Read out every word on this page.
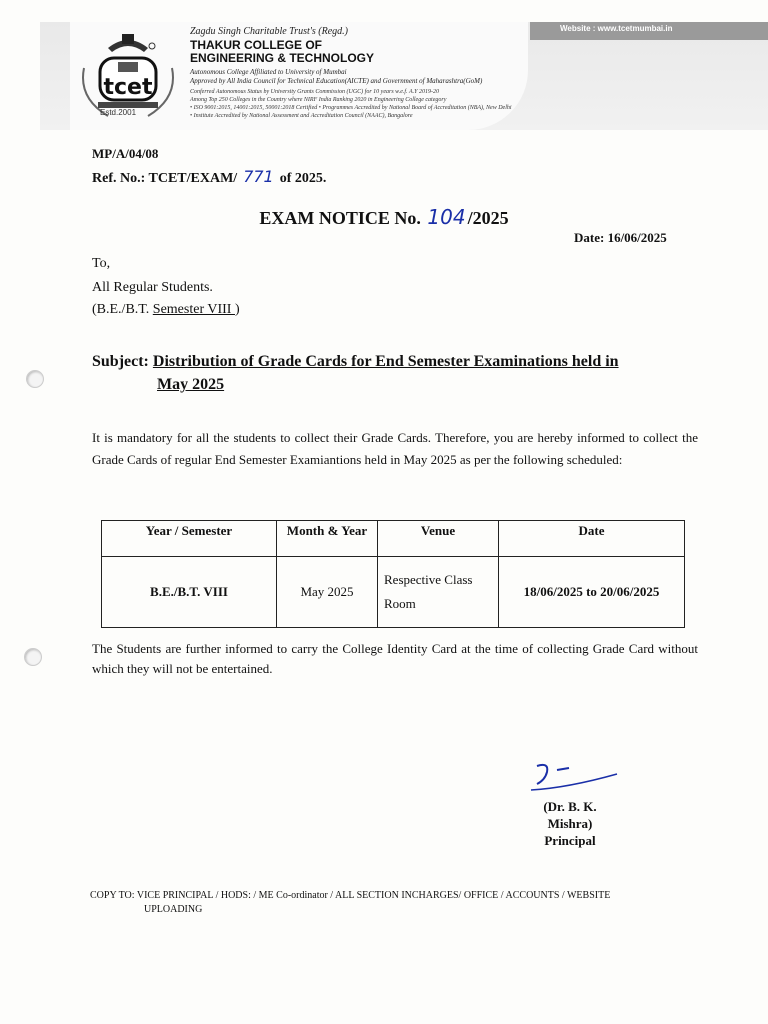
Website : www.tcetmumbai.in
tcet
Estd.2001
Zagdu Singh Charitable Trust's (Regd.)
THAKUR COLLEGE OF
ENGINEERING & TECHNOLOGY
Autonomous College Affiliated to University of Mumbai
Approved by All India Council for Technical Education(AICTE) and Government of Maharashtra(GoM)
Conferred Autonomous Status by University Grants Commission (UGC) for 10 years w.e.f. A.Y 2019-20
Among Top 250 Colleges in the Country where NIRF India Ranking 2020 in Engineering College category
• ISO 9001:2015, 14001:2015, 50001:2018 Certified • Programmes Accredited by National Board of Accreditation (NBA), New Delhi
• Institute Accredited by National Assessment and Accreditation Council (NAAC), Bangalore
MP/A/04/08
Ref. No.: TCET/EXAM/ 771 of 2025.
EXAM NOTICE No. 104 /2025
Date: 16/06/2025
To,
All Regular Students.
(B.E./B.T. Semester VIII )
Subject: Distribution of Grade Cards for End Semester Examinations held in
May 2025
It is mandatory for all the students to collect their Grade Cards. Therefore, you are hereby informed to collect the Grade Cards of regular End Semester Examiantions held in May 2025 as per the following scheduled:
Year / Semester	Month & Year	Venue	Date
B.E./B.T. VIII	May 2025	Respective Class Room	18/06/2025 to 20/06/2025
The Students are further informed to carry the College Identity Card at the time of collecting Grade Card without which they will not be entertained.
(Dr. B. K. Mishra)
Principal
COPY TO: VICE PRINCIPAL / HODS: / ME Co-ordinator / ALL SECTION INCHARGES/ OFFICE / ACCOUNTS / WEBSITE
UPLOADING
